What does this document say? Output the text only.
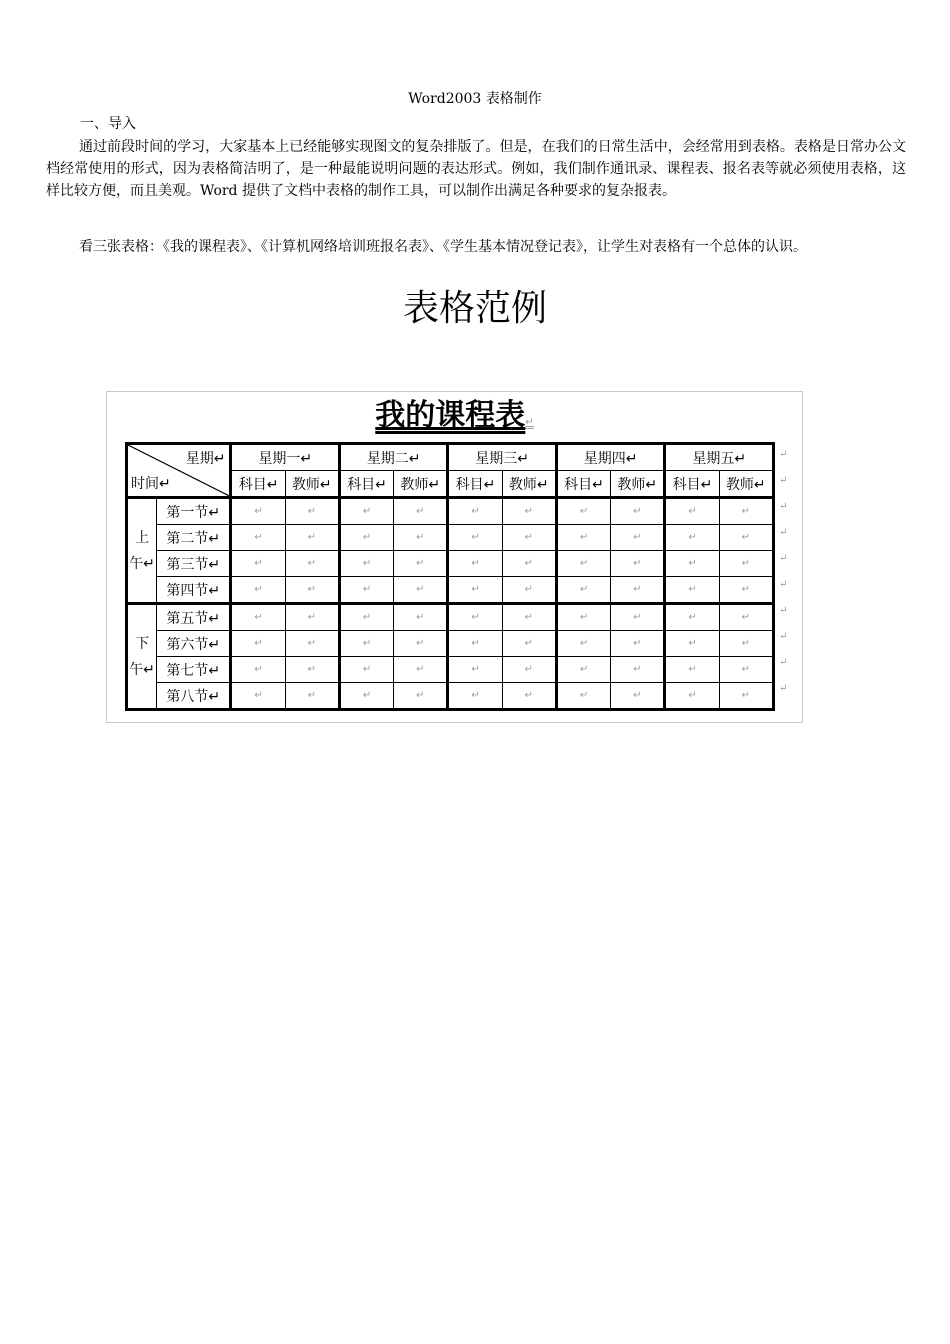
Word2003 表格制作
一、导入

通过前段时间的学习，大家基本上已经能够实现图文的复杂排版了。但是，在我们的日常生活中，会经常用到表格。表格是日常办公文档经常使用的形式，因为表格简洁明了，是一种最能说明问题的表达形式。例如，我们制作通讯录、课程表、报名表等就必须使用表格，这样比较方便，而且美观。Word 提供了文档中表格的制作工具，可以制作出满足各种要求的复杂报表。

看三张表格：《我的课程表》、《计算机网络培训班报名表》、《学生基本情况登记表》，让学生对表格有一个总体的认识。

表格范例
我的课程表↵
星期↵
时间↵		星期一↵		星期二↵		星期三↵		星期四↵		星期五↵	
		科目↵	教师↵	科目↵	教师↵	科目↵	教师↵	科目↵	教师↵	科目↵	教师↵
上
午↵	第一节↵	↵	↵	↵	↵	↵	↵	↵	↵	↵	↵
	第二节↵	↵	↵	↵	↵	↵	↵	↵	↵	↵	↵
	第三节↵	↵	↵	↵	↵	↵	↵	↵	↵	↵	↵
	第四节↵	↵	↵	↵	↵	↵	↵	↵	↵	↵	↵
下
午↵	第五节↵	↵	↵	↵	↵	↵	↵	↵	↵	↵	↵
	第六节↵	↵	↵	↵	↵	↵	↵	↵	↵	↵	↵
	第七节↵	↵	↵	↵	↵	↵	↵	↵	↵	↵	↵
	第八节↵	↵	↵	↵	↵	↵	↵	↵	↵	↵	↵
↵
↵
↵
↵
↵
↵
↵
↵
↵
↵
